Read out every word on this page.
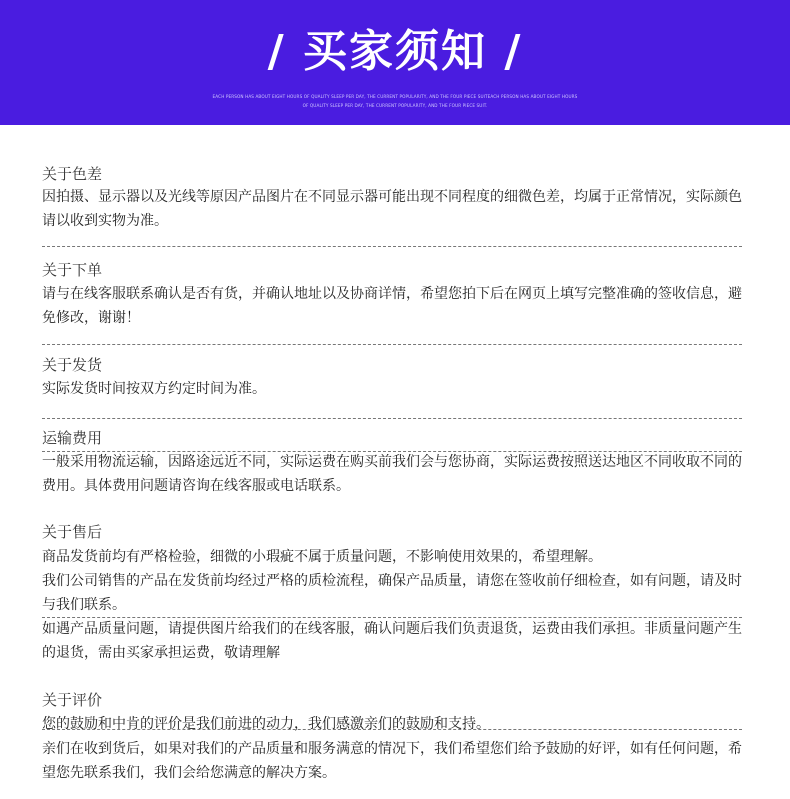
/ 买家须知 /
EACH PERSON HAS ABOUT EIGHT HOURS OF QUALITY SLEEP PER DAY, THE CURRENT POPULARITY, AND THE FOUR PIECE SUITEACH PERSON HAS ABOUT EIGHT HOURS
OF QUALITY SLEEP PER DAY, THE CURRENT POPULARITY, AND THE FOUR PIECE SUIT.
关于色差
因拍摄、显示器以及光线等原因产品图片在不同显示器可能出现不同程度的细微色差，均属于正常情况，实际颜色
请以收到实物为准。
关于下单
请与在线客服联系确认是否有货，并确认地址以及协商详情，希望您拍下后在网页上填写完整准确的签收信息，避
免修改，谢谢！
关于发货
实际发货时间按双方约定时间为准。
运输费用
一般采用物流运输，因路途远近不同，实际运费在购买前我们会与您协商，实际运费按照送达地区不同收取不同的
费用。具体费用问题请咨询在线客服或电话联系。
关于售后
商品发货前均有严格检验，细微的小瑕疵不属于质量问题，不影响使用效果的，希望理解。
我们公司销售的产品在发货前均经过严格的质检流程，确保产品质量，请您在签收前仔细检查，如有问题，请及时
与我们联系。
如遇产品质量问题，请提供图片给我们的在线客服，确认问题后我们负责退货，运费由我们承担。非质量问题产生
的退货，需由买家承担运费，敬请理解
关于评价
您的鼓励和中肯的评价是我们前进的动力，我们感激亲们的鼓励和支持。
亲们在收到货后，如果对我们的产品质量和服务满意的情况下，我们希望您们给予鼓励的好评，如有任何问题，希
望您先联系我们，我们会给您满意的解决方案。
